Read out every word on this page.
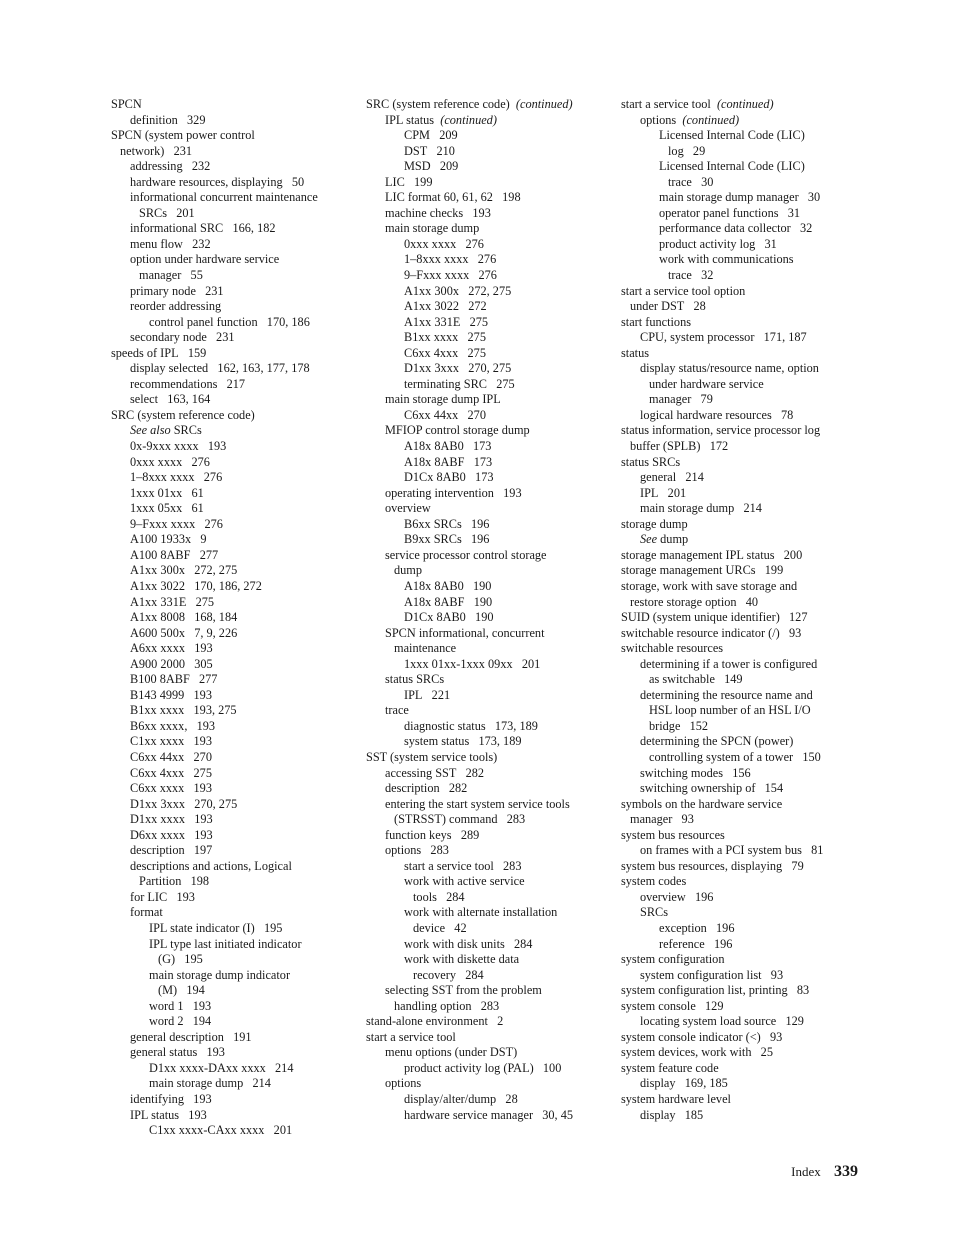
SPCN
definition   329
SPCN (system power control
network)   231
addressing   232
hardware resources, displaying   50
informational concurrent maintenance
SRCs   201
informational SRC   166, 182
menu flow   232
option under hardware service
manager   55
primary node   231
reorder addressing
control panel function   170, 186
secondary node   231
speeds of IPL   159
display selected   162, 163, 177, 178
recommendations   217
select   163, 164
SRC (system reference code)
See also SRCs
0x-9xxx xxxx   193
0xxx xxxx   276
1–8xxx xxxx   276
1xxx 01xx   61
1xxx 05xx   61
9–Fxxx xxxx   276
A100 1933x   9
A100 8ABF   277
A1xx 300x   272, 275
A1xx 3022   170, 186, 272
A1xx 331E   275
A1xx 8008   168, 184
A600 500x   7, 9, 226
A6xx xxxx   193
A900 2000   305
B100 8ABF   277
B143 4999   193
B1xx xxxx   193, 275
B6xx xxxx,   193
C1xx xxxx   193
C6xx 44xx   270
C6xx 4xxx   275
C6xx xxxx   193
D1xx 3xxx   270, 275
D1xx xxxx   193
D6xx xxxx   193
description   197
descriptions and actions, Logical
Partition   198
for LIC   193
format
IPL state indicator (I)   195
IPL type last initiated indicator
(G)   195
main storage dump indicator
(M)   194
word 1   193
word 2   194
general description   191
general status   193
D1xx xxxx-DAxx xxxx   214
main storage dump   214
identifying   193
IPL status   193
C1xx xxxx-CAxx xxxx   201
SRC (system reference code)  (continued)
IPL status  (continued)
CPM   209
DST   210
MSD   209
LIC   199
LIC format 60, 61, 62   198
machine checks   193
main storage dump
0xxx xxxx   276
1–8xxx xxxx   276
9–Fxxx xxxx   276
A1xx 300x   272, 275
A1xx 3022   272
A1xx 331E   275
B1xx xxxx   275
C6xx 4xxx   275
D1xx 3xxx   270, 275
terminating SRC   275
main storage dump IPL
C6xx 44xx   270
MFIOP control storage dump
A18x 8AB0   173
A18x 8ABF   173
D1Cx 8AB0   173
operating intervention   193
overview
B6xx SRCs   196
B9xx SRCs   196
service processor control storage
dump
A18x 8AB0   190
A18x 8ABF   190
D1Cx 8AB0   190
SPCN informational, concurrent
maintenance
1xxx 01xx-1xxx 09xx   201
status SRCs
IPL   221
trace
diagnostic status   173, 189
system status   173, 189
SST (system service tools)
accessing SST   282
description   282
entering the start system service tools
(STRSST) command   283
function keys   289
options   283
start a service tool   283
work with active service
tools   284
work with alternate installation
device   42
work with disk units   284
work with diskette data
recovery   284
selecting SST from the problem
handling option   283
stand-alone environment   2
start a service tool
menu options (under DST)
product activity log (PAL)   100
options
display/alter/dump   28
hardware service manager   30, 45
start a service tool  (continued)
options  (continued)
Licensed Internal Code (LIC)
log   29
Licensed Internal Code (LIC)
trace   30
main storage dump manager   30
operator panel functions   31
performance data collector   32
product activity log   31
work with communications
trace   32
start a service tool option
under DST   28
start functions
CPU, system processor   171, 187
status
display status/resource name, option
under hardware service
manager   79
logical hardware resources   78
status information, service processor log
buffer (SPLB)   172
status SRCs
general   214
IPL   201
main storage dump   214
storage dump
See dump
storage management IPL status   200
storage management URCs   199
storage, work with save storage and
restore storage option   40
SUID (system unique identifier)   127
switchable resource indicator (/)   93
switchable resources
determining if a tower is configured
as switchable   149
determining the resource name and
HSL loop number of an HSL I/O
bridge   152
determining the SPCN (power)
controlling system of a tower   150
switching modes   156
switching ownership of   154
symbols on the hardware service
manager   93
system bus resources
on frames with a PCI system bus   81
system bus resources, displaying   79
system codes
overview   196
SRCs
exception   196
reference   196
system configuration
system configuration list   93
system configuration list, printing   83
system console   129
locating system load source   129
system console indicator (<)   93
system devices, work with   25
system feature code
display   169, 185
system hardware level
display   185
Index 339
